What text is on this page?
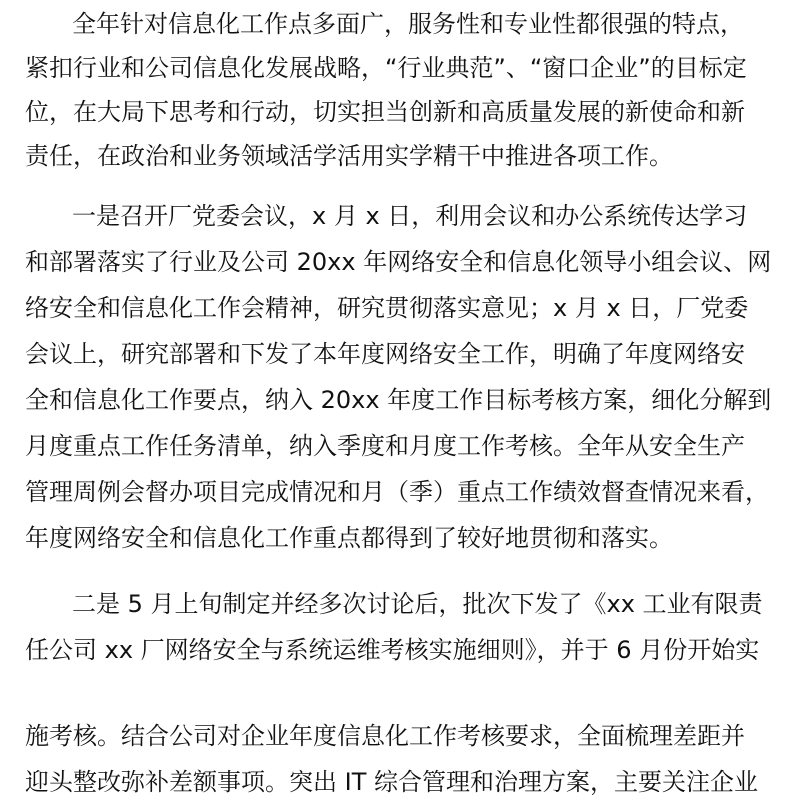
全年针对信息化工作点多面广，服务性和专业性都很强的特点，
紧扣行业和公司信息化发展战略，“行业典范”、“窗口企业”的目标定
位，在大局下思考和行动，切实担当创新和高质量发展的新使命和新
责任，在政治和业务领域活学活用实学精干中推进各项工作。
一是召开厂党委会议，x 月 x 日，利用会议和办公系统传达学习
和部署落实了行业及公司 20xx 年网络安全和信息化领导小组会议、网
络安全和信息化工作会精神，研究贯彻落实意见；x 月 x 日，厂党委
会议上，研究部署和下发了本年度网络安全工作，明确了年度网络安
全和信息化工作要点，纳入 20xx 年度工作目标考核方案，细化分解到
月度重点工作任务清单，纳入季度和月度工作考核。全年从安全生产
管理周例会督办项目完成情况和月（季）重点工作绩效督查情况来看，
年度网络安全和信息化工作重点都得到了较好地贯彻和落实。
二是 5 月上旬制定并经多次讨论后，批次下发了《xx 工业有限责
任公司 xx 厂网络安全与系统运维考核实施细则》，并于 6 月份开始实
施考核。结合公司对企业年度信息化工作考核要求，全面梳理差距并
迎头整改弥补差额事项。突出 IT 综合管理和治理方案，主要关注企业
